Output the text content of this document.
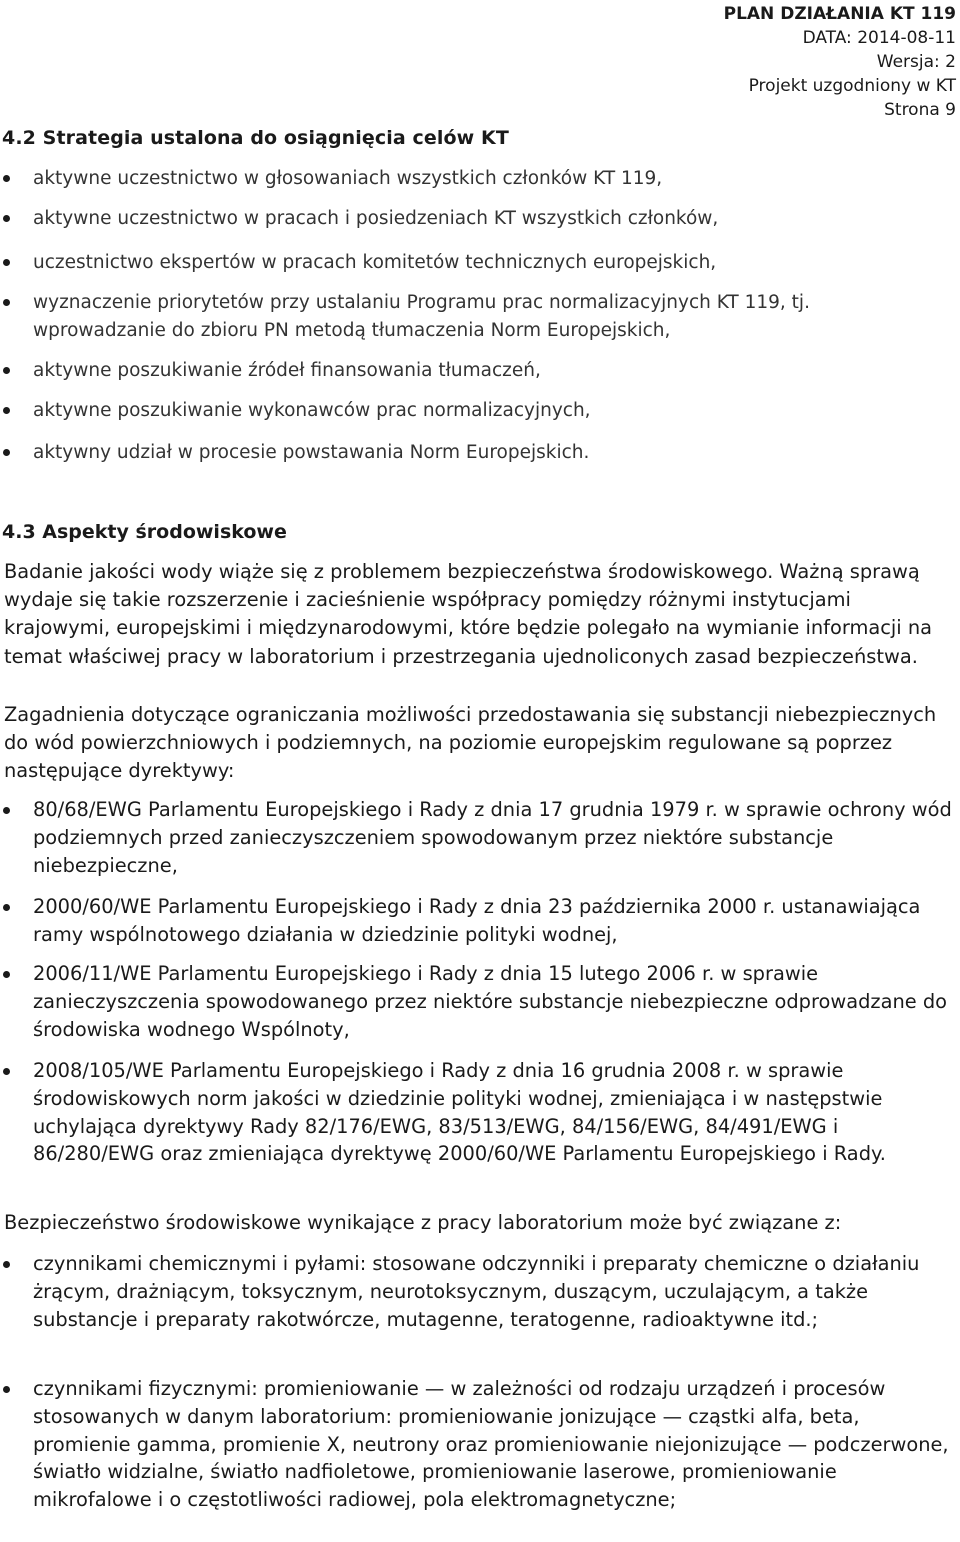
PLAN DZIAŁANIA KT 119
DATA: 2014-08-11
Wersja: 2
Projekt uzgodniony w KT
Strona 9
4.2 Strategia ustalona do osiągnięcia celów KT
aktywne uczestnictwo w głosowaniach wszystkich członków KT 119,
aktywne uczestnictwo w pracach i posiedzeniach KT wszystkich członków,
uczestnictwo ekspertów w pracach komitetów technicznych europejskich,
wyznaczenie priorytetów przy ustalaniu Programu prac normalizacyjnych KT 119, tj.
wprowadzanie do zbioru PN metodą tłumaczenia Norm Europejskich,
aktywne poszukiwanie źródeł finansowania tłumaczeń,
aktywne poszukiwanie wykonawców prac normalizacyjnych,
aktywny udział w procesie powstawania Norm Europejskich.
4.3 Aspekty środowiskowe
Badanie jakości wody wiąże się z problemem bezpieczeństwa środowiskowego. Ważną sprawą wydaje się takie rozszerzenie i zacieśnienie współpracy pomiędzy różnymi instytucjami krajowymi, europejskimi i międzynarodowymi, które będzie polegało na wymianie informacji na temat właściwej pracy w laboratorium i przestrzegania ujednoliconych zasad bezpieczeństwa.
Zagadnienia dotyczące ograniczania możliwości przedostawania się substancji niebezpiecznych do wód powierzchniowych i podziemnych, na poziomie europejskim regulowane są poprzez następujące dyrektywy:
80/68/EWG Parlamentu Europejskiego i Rady z dnia 17 grudnia 1979 r. w sprawie ochrony wód podziemnych przed zanieczyszczeniem spowodowanym przez niektóre substancje niebezpieczne,
2000/60/WE Parlamentu Europejskiego i Rady z dnia 23 października 2000 r. ustanawiająca ramy wspólnotowego działania w dziedzinie polityki wodnej,
2006/11/WE Parlamentu Europejskiego i Rady z dnia 15 lutego 2006 r. w sprawie zanieczyszczenia spowodowanego przez niektóre substancje niebezpieczne odprowadzane do środowiska wodnego Wspólnoty,
2008/105/WE Parlamentu Europejskiego i Rady z dnia 16 grudnia 2008 r. w sprawie środowiskowych norm jakości w dziedzinie polityki wodnej, zmieniająca i w następstwie uchylająca dyrektywy Rady 82/176/EWG, 83/513/EWG, 84/156/EWG, 84/491/EWG i 86/280/EWG oraz zmieniająca dyrektywę 2000/60/WE Parlamentu Europejskiego i Rady.
Bezpieczeństwo środowiskowe wynikające z pracy laboratorium może być związane z:
czynnikami chemicznymi i pyłami: stosowane odczynniki i preparaty chemiczne o działaniu żrącym, drażniącym, toksycznym, neurotoksycznym, duszącym, uczulającym, a także substancje i preparaty rakotwórcze, mutagenne, teratogenne, radioaktywne itd.;
czynnikami fizycznymi: promieniowanie — w zależności od rodzaju urządzeń i procesów stosowanych w danym laboratorium: promieniowanie jonizujące — cząstki alfa, beta, promienie gamma, promienie X, neutrony oraz promieniowanie niejonizujące — podczerwone, światło widzialne, światło nadfioletowe, promieniowanie laserowe, promieniowanie mikrofalowe i o częstotliwości radiowej, pola elektromagnetyczne;
